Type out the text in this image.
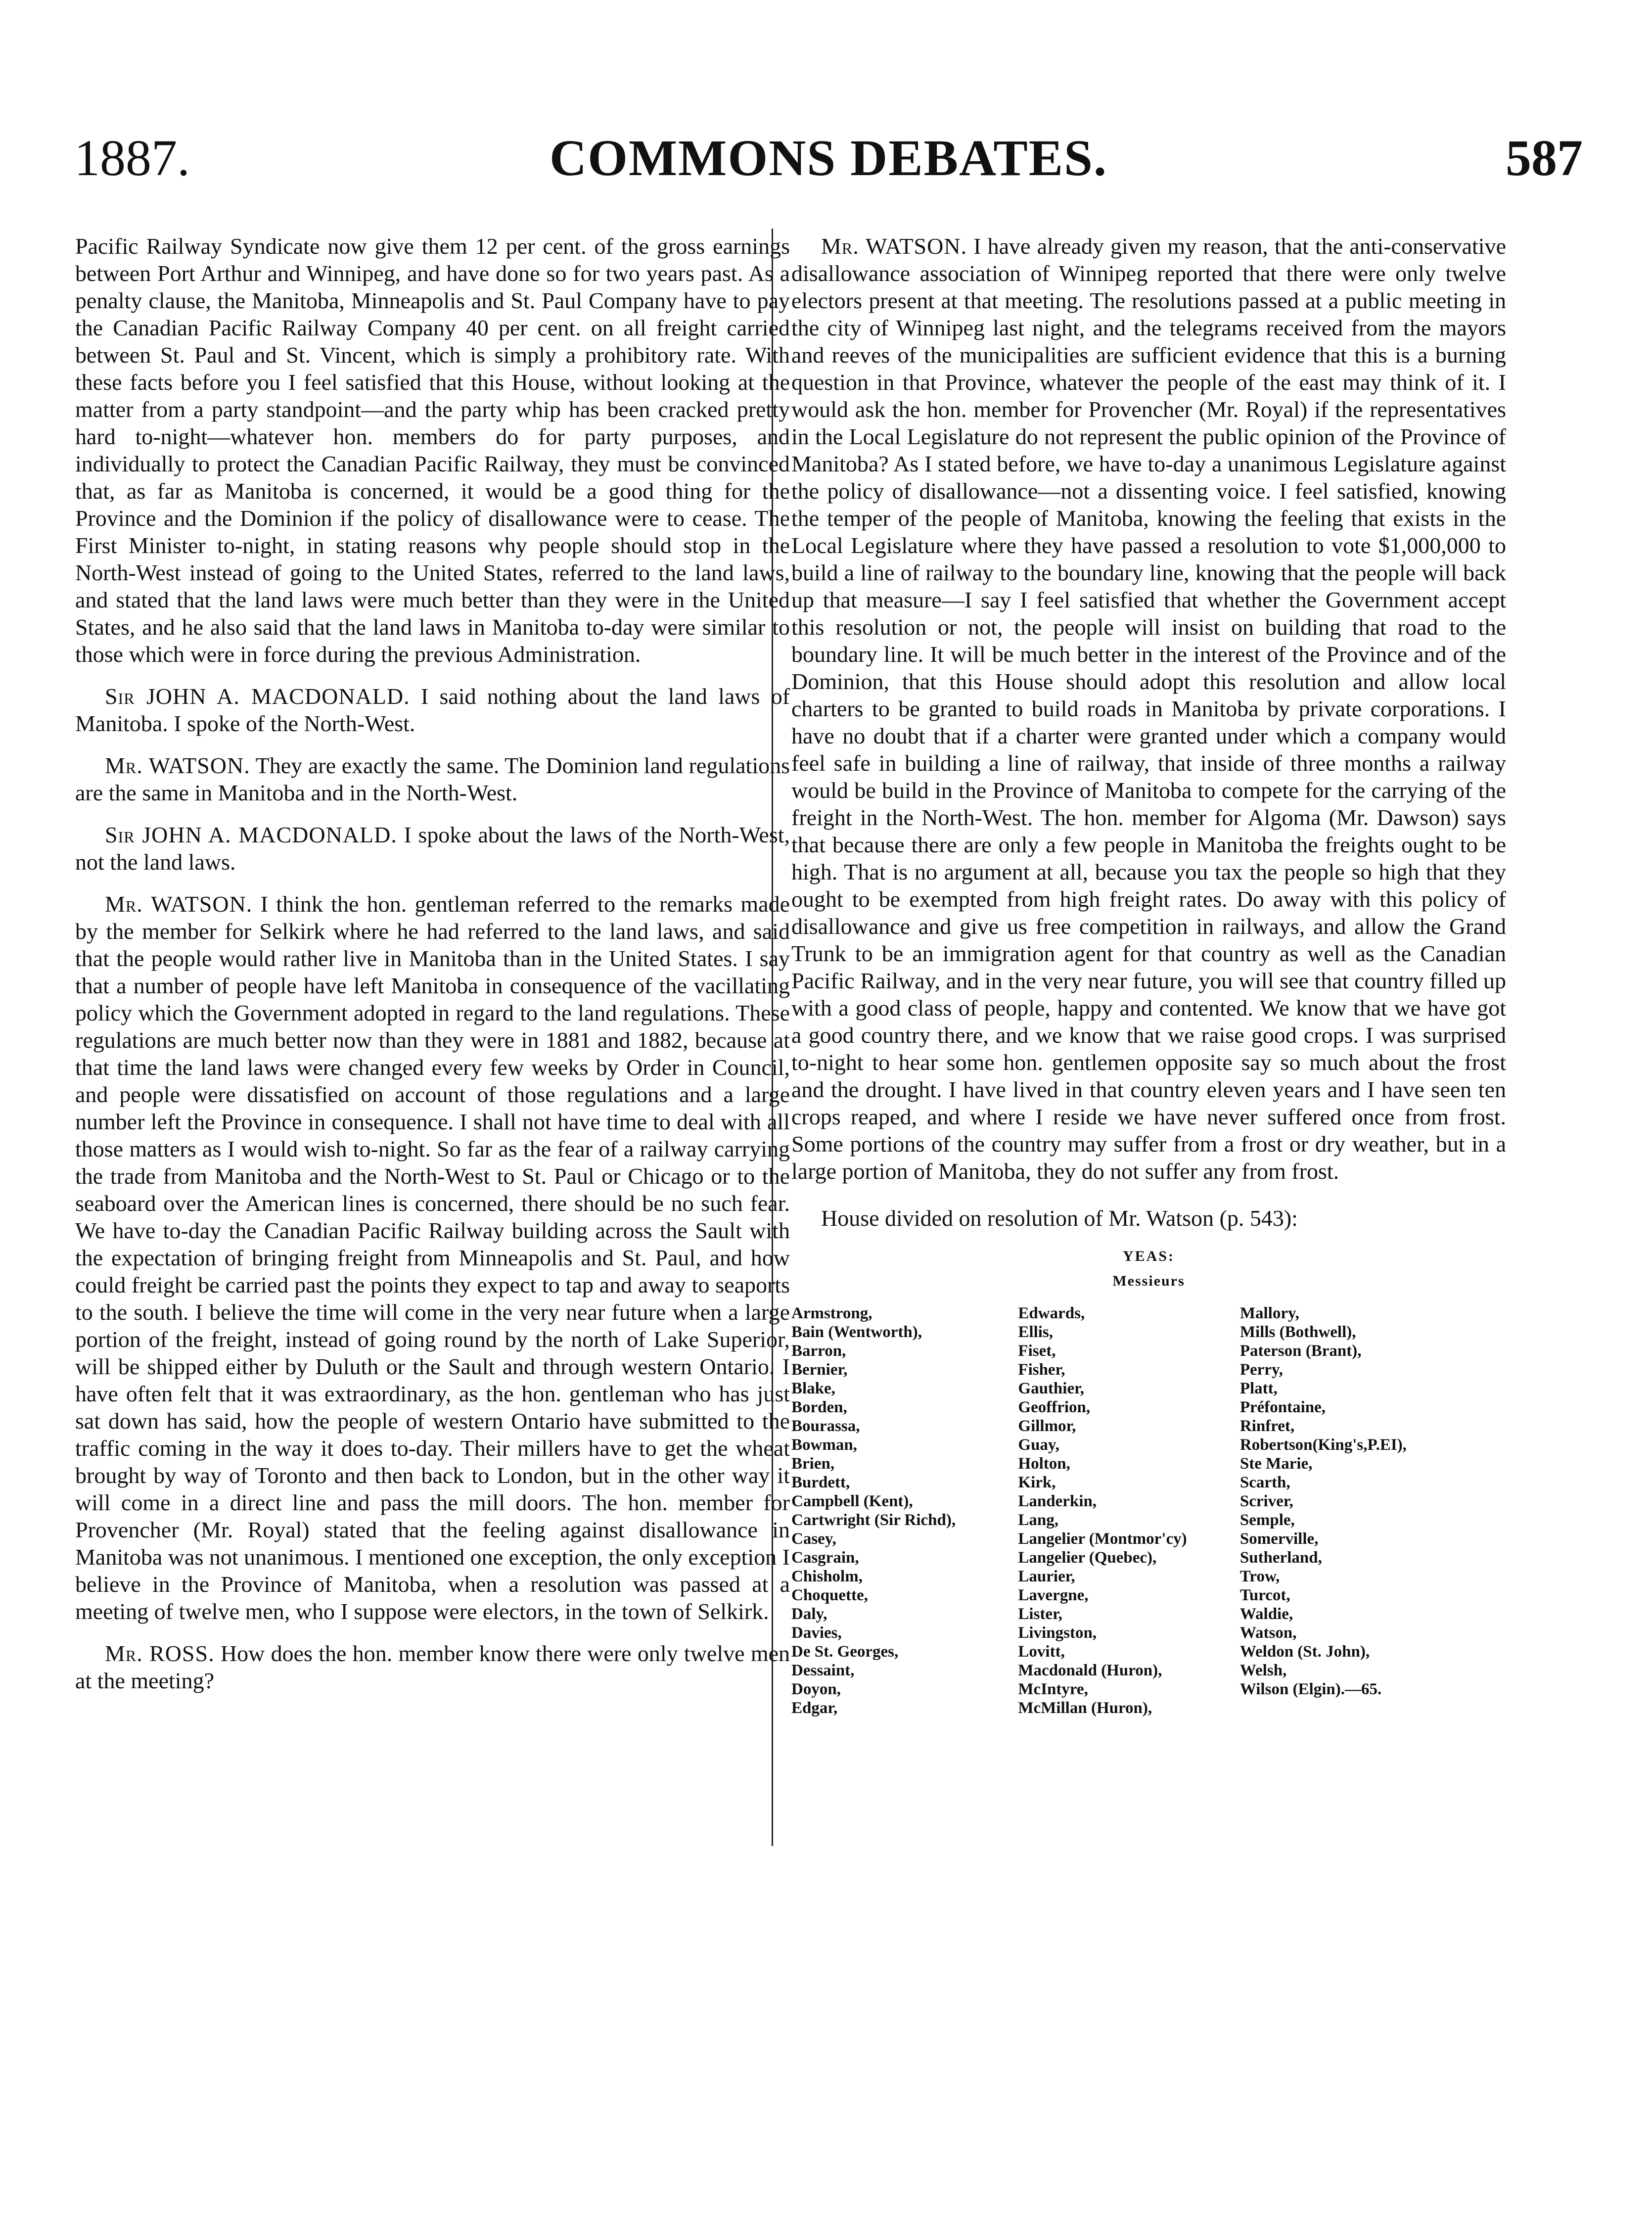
1887.	COMMONS DEBATES.	587

Pacific Railway Syndicate now give them 12 per cent. of the gross earnings between Port Arthur and Winnipeg, and have done so for two years past. As a penalty clause, the Manitoba, Minneapolis and St. Paul Company have to pay the Canadian Pacific Railway Company 40 per cent. on all freight carried between St. Paul and St. Vincent, which is simply a prohibitory rate. With these facts before you I feel satisfied that this House, without looking at the matter from a party standpoint—and the party whip has been cracked pretty hard to-night—whatever hon. members do for party purposes, and individually to protect the Canadian Pacific Railway, they must be convinced that, as far as Manitoba is concerned, it would be a good thing for the Province and the Dominion if the policy of disallowance were to cease. The First Minister to-night, in stating reasons why people should stop in the North-West instead of going to the United States, referred to the land laws, and stated that the land laws were much better than they were in the United States, and he also said that the land laws in Manitoba to-day were similar to those which were in force during the previous Administration.

Sir JOHN A. MACDONALD. I said nothing about the land laws of Manitoba. I spoke of the North-West.

Mr. WATSON. They are exactly the same. The Dominion land regulations are the same in Manitoba and in the North-West.

Sir JOHN A. MACDONALD. I spoke about the laws of the North-West, not the land laws.

Mr. WATSON. I think the hon. gentleman referred to the remarks made by the member for Selkirk where he had referred to the land laws, and said that the people would rather live in Manitoba than in the United States. I say that a number of people have left Manitoba in consequence of the vacillating policy which the Government adopted in regard to the land regulations. These regulations are much better now than they were in 1881 and 1882, because at that time the land laws were changed every few weeks by Order in Council, and people were dissatisfied on account of those regulations and a large number left the Province in consequence. I shall not have time to deal with all those matters as I would wish to-night. So far as the fear of a railway carrying the trade from Manitoba and the North-West to St. Paul or Chicago or to the seaboard over the American lines is concerned, there should be no such fear. We have to-day the Canadian Pacific Railway building across the Sault with the expectation of bringing freight from Minneapolis and St. Paul, and how could freight be carried past the points they expect to tap and away to seaports to the south. I believe the time will come in the very near future when a large portion of the freight, instead of going round by the north of Lake Superior, will be shipped either by Duluth or the Sault and through western Ontario. I have often felt that it was extraordinary, as the hon. gentleman who has just sat down has said, how the people of western Ontario have submitted to the traffic coming in the way it does to-day. Their millers have to get the wheat brought by way of Toronto and then back to London, but in the other way it will come in a direct line and pass the mill doors. The hon. member for Provencher (Mr. Royal) stated that the feeling against disallowance in Manitoba was not unanimous. I mentioned one exception, the only exception I believe in the Province of Manitoba, when a resolution was passed at a meeting of twelve men, who I suppose were electors, in the town of Selkirk.

Mr. ROSS. How does the hon. member know there were only twelve men at the meeting?

Mr. WATSON. I have already given my reason, that the anti-conservative disallowance association of Winnipeg reported that there were only twelve electors present at that meeting. The resolutions passed at a public meeting in the city of Winnipeg last night, and the telegrams received from the mayors and reeves of the municipalities are sufficient evidence that this is a burning question in that Province, whatever the people of the east may think of it. I would ask the hon. member for Provencher (Mr. Royal) if the representatives in the Local Legislature do not represent the public opinion of the Province of Manitoba? As I stated before, we have to-day a unanimous Legislature against the policy of disallowance—not a dissenting voice. I feel satisfied, knowing the temper of the people of Manitoba, knowing the feeling that exists in the Local Legislature where they have passed a resolution to vote $1,000,000 to build a line of railway to the boundary line, knowing that the people will back up that measure—I say I feel satisfied that whether the Government accept this resolution or not, the people will insist on building that road to the boundary line. It will be much better in the interest of the Province and of the Dominion, that this House should adopt this resolution and allow local charters to be granted to build roads in Manitoba by private corporations. I have no doubt that if a charter were granted under which a company would feel safe in building a line of railway, that inside of three months a railway would be build in the Province of Manitoba to compete for the carrying of the freight in the North-West. The hon. member for Algoma (Mr. Dawson) says that because there are only a few people in Manitoba the freights ought to be high. That is no argument at all, because you tax the people so high that they ought to be exempted from high freight rates. Do away with this policy of disallowance and give us free competition in railways, and allow the Grand Trunk to be an immigration agent for that country as well as the Canadian Pacific Railway, and in the very near future, you will see that country filled up with a good class of people, happy and contented. We know that we have got a good country there, and we know that we raise good crops. I was surprised to-night to hear some hon. gentlemen opposite say so much about the frost and the drought. I have lived in that country eleven years and I have seen ten crops reaped, and where I reside we have never suffered once from frost. Some portions of the country may suffer from a frost or dry weather, but in a large portion of Manitoba, they do not suffer any from frost.

House divided on resolution of Mr. Watson (p. 543):

YEAS:
Messieurs
Armstrong,
Bain (Wentworth),
Barron,
Bernier,
Blake,
Borden,
Bourassa,
Bowman,
Brien,
Burdett,
Campbell (Kent),
Cartwright (Sir Richd),
Casey,
Casgrain,
Chisholm,
Choquette,
Daly,
Davies,
De St. Georges,
Dessaint,
Doyon,
Edgar,
Edwards,
Ellis,
Fiset,
Fisher,
Gauthier,
Geoffrion,
Gillmor,
Guay,
Holton,
Kirk,
Landerkin,
Lang,
Langelier (Montmor'cy)
Langelier (Quebec),
Laurier,
Lavergne,
Lister,
Livingston,
Lovitt,
Macdonald (Huron),
McIntyre,
McMillan (Huron),
Mallory,
Mills (Bothwell),
Paterson (Brant),
Perry,
Platt,
Préfontaine,
Rinfret,
Robertson(King's,P.EI),
Ste Marie,
Scarth,
Scriver,
Semple,
Somerville,
Sutherland,
Trow,
Turcot,
Waldie,
Watson,
Weldon (St. John),
Welsh,
Wilson (Elgin).—65.
